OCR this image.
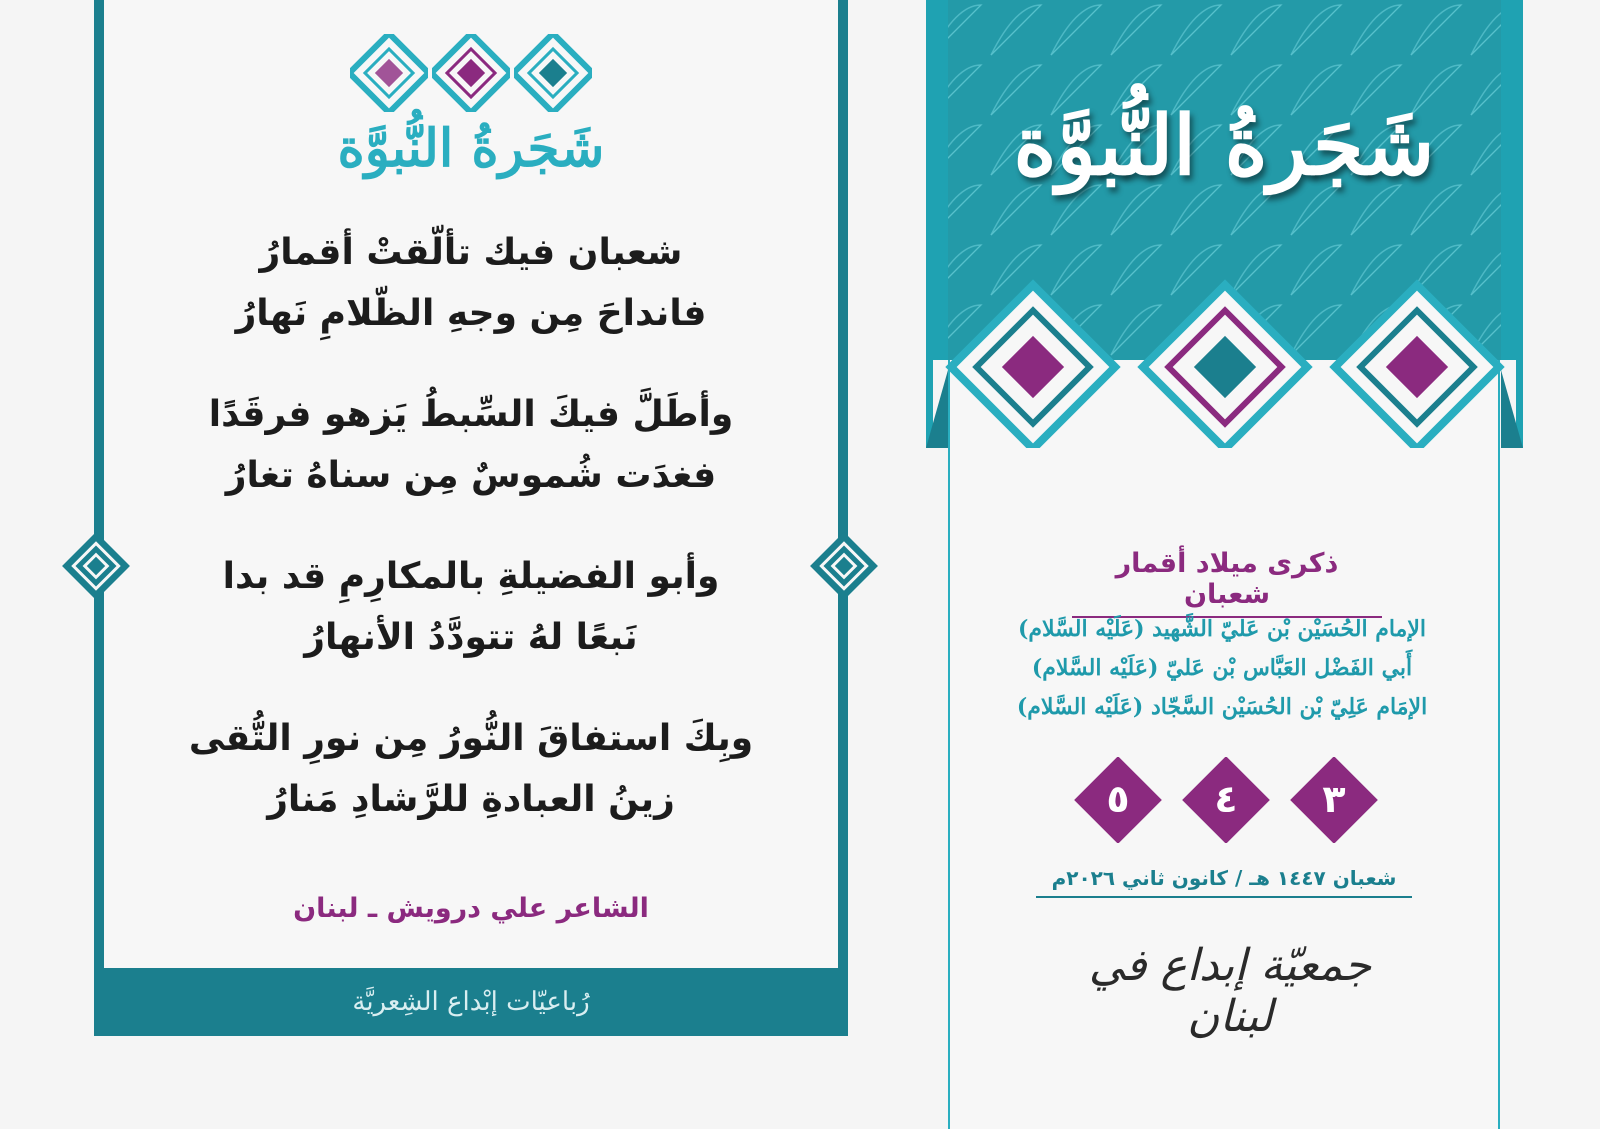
شَجَرةُ النُّبوَّة
شعبان فيك تألّقتْ أقمارُ
فانداحَ مِن وجهِ الظّلامِ نَهارُ
وأطَلَّ فيكَ السِّبطُ يَزهو فرقَدًا
فغدَت شُموسٌ مِن سناهُ تغارُ
وأبو الفضيلةِ بالمكارِمِ قد بدا
نَبعًا لهُ تتودَّدُ الأنهارُ
وبِكَ استفاقَ النُّورُ مِن نورِ التُّقى
زينُ العبادةِ للرَّشادِ مَنارُ
الشاعر علي درويش ـ لبنان
رُباعيّات إبْداع الشِعريَّة
شَجَرةُ النُّبوَّة
ذكرى ميلاد أقمار شعبان
الإمام الحُسَيْن بْن عَليّ الشَّهيد (عَلَيْه السَّلام)
أَبي الفَضْل العَبَّاس بْن عَليّ (عَلَيْه السَّلام)
الإمَام عَلِيّ بْن الحُسَيْن السَّجّاد (عَلَيْه السَّلام)
٥ ٤ ٣
شعبان ١٤٤٧ هـ / كانون ثاني ٢٠٢٦م
جمعيّة إبداع في لبنان
